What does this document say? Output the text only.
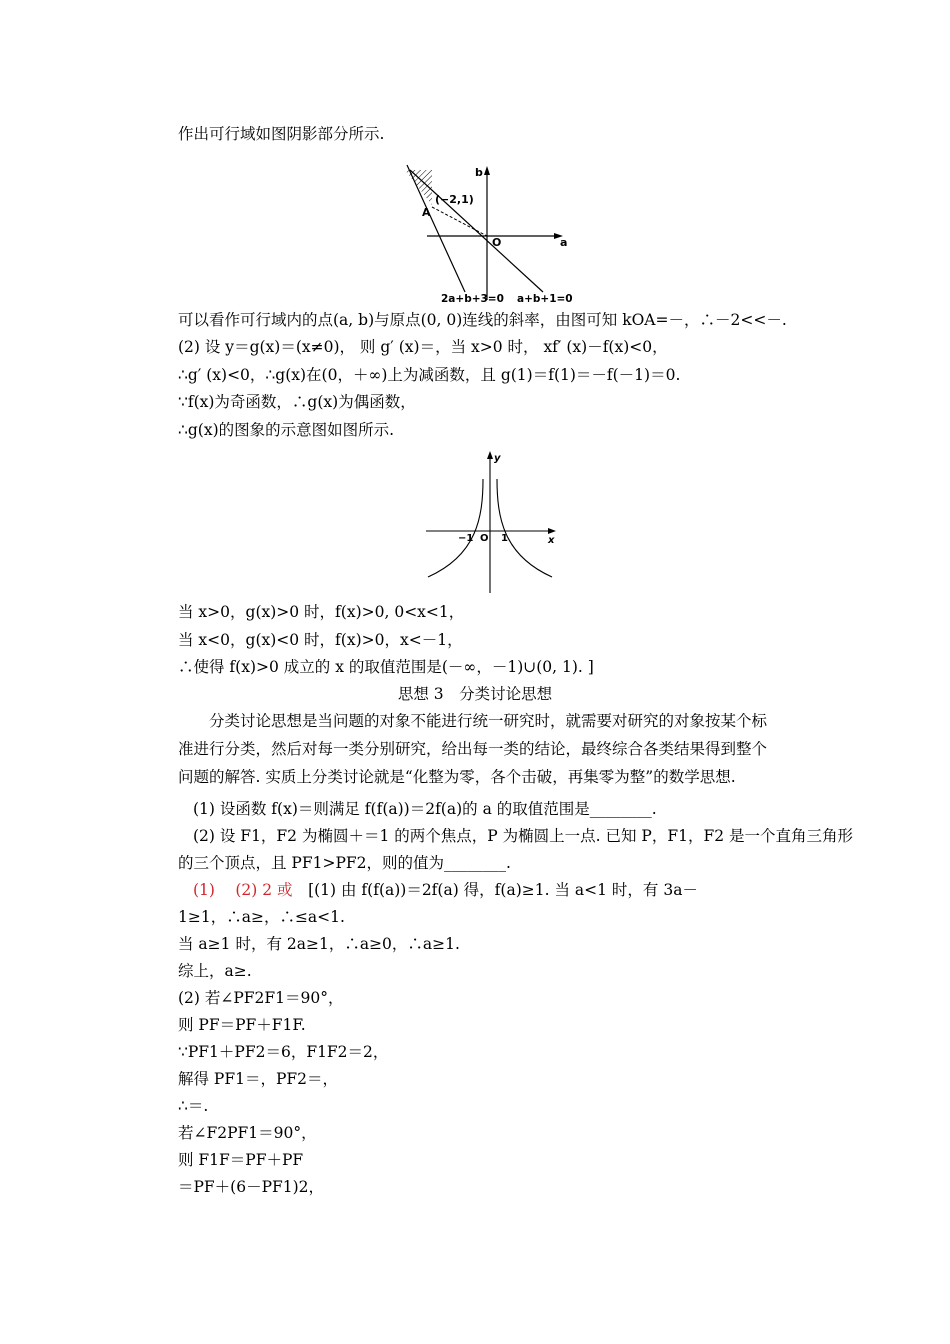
作出可行域如图阴影部分所示.
b
a
O
(−2,1)
A
2a+b+3=0 a+b+1=0
可以看作可行域内的点(a, b)与原点(0, 0)连线的斜率，由图可知 kOA=－，∴－2<<－.
(2) 设 y＝g(x)＝(x≠0)， 则 g′ (x)＝，当 x>0 时， xf′ (x)－f(x)<0，
∴g′ (x)<0，∴g(x)在(0，＋∞)上为减函数，且 g(1)＝f(1)＝－f(－1)＝0.
∵f(x)为奇函数，∴g(x)为偶函数，
∴g(x)的图象的示意图如图所示.
y
x
−1 O 1
当 x>0，g(x)>0 时，f(x)>0, 0<x<1，
当 x<0，g(x)<0 时，f(x)>0，x<－1，
∴使得 f(x)>0 成立的 x 的取值范围是(－∞，－1)∪(0, 1). ]
思想 3　分类讨论思想
　　分类讨论思想是当问题的对象不能进行统一研究时，就需要对研究的对象按某个标准进行分类，然后对每一类分别研究，给出每一类的结论，最终综合各类结果得到整个问题的解答. 实质上分类讨论就是“化整为零，各个击破，再集零为整”的数学思想.
(1) 设函数 f(x)＝则满足 f(f(a))＝2f(a)的 a 的取值范围是________.
(2) 设 F1，F2 为椭圆＋＝1 的两个焦点，P 为椭圆上一点. 已知 P，F1，F2 是一个直角三角形
的三个顶点，且 PF1>PF2，则的值为________.
(1)　 (2) 2 或　[(1) 由 f(f(a))＝2f(a) 得，f(a)≥1. 当 a<1 时，有 3a－
1≥1，∴a≥，∴≤a<1.
当 a≥1 时，有 2a≥1，∴a≥0，∴a≥1.
综上，a≥.
(2) 若∠PF2F1＝90°，
则 PF＝PF＋F1F.
∵PF1＋PF2＝6，F1F2＝2，
解得 PF1＝，PF2＝，
∴＝.
若∠F2PF1＝90°，
则 F1F＝PF＋PF
＝PF＋(6－PF1)2，
